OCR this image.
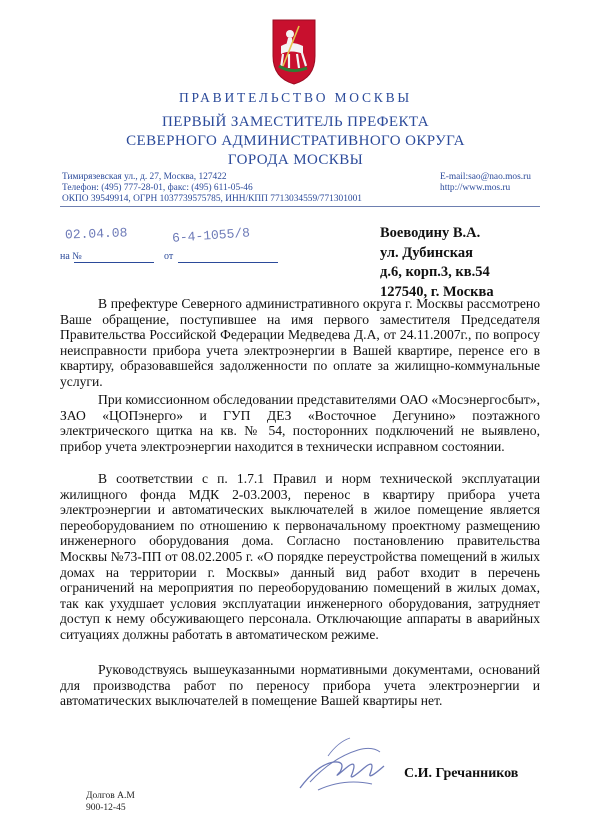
ПРАВИТЕЛЬСТВО МОСКВЫ
ПЕРВЫЙ ЗАМЕСТИТЕЛЬ ПРЕФЕКТА
СЕВЕРНОГО АДМИНИСТРАТИВНОГО ОКРУГА
ГОРОДА МОСКВЫ
Тимирязевская ул., д. 27, Москва, 127422
Телефон: (495) 777-28-01, факс: (495) 611-05-46
ОКПО 39549914, ОГРН 1037739575785, ИНН/КПП 7713034559/771301001
E-mail:sao@nao.mos.ru
http://www.mos.ru
02.04.08	6-4-1055/8
на №	от
Воеводину В.А.
ул. Дубинская
д.6, корп.3, кв.54
127540, г. Москва

В префектуре Северного административного округа г. Москвы рассмотрено Ваше обращение, поступившее на имя первого заместителя Председателя Правительства Российской Федерации Медведева Д.А, от 24.11.2007г., по вопросу неисправности прибора учета электроэнергии в Вашей квартире, перенсе его в квартиру, образовавшейся задолженности по оплате за жилищно-коммунальные услуги.

При комиссионном обследовании представителями ОАО «Мосэнергосбыт», ЗАО «ЦОПэнерго» и ГУП ДЕЗ «Восточное Дегунино» поэтажного электрического щитка на кв. № 54, посторонних подключений не выявлено, прибор учета электроэнергии находится в технически исправном состоянии.

В соответствии с п. 1.7.1 Правил и норм технической эксплуатации жилищного фонда МДК 2-03.2003, перенос в квартиру прибора учета электроэнергии и автоматических выключателей в жилое помещение является переоборудованием по отношению к первоначальному проектному размещению инженерного оборудования дома. Согласно постановлению правительства Москвы №73-ПП от 08.02.2005 г. «О порядке переустройства помещений в жилых домах на территории г. Москвы» данный вид работ входит в перечень ограничений на мероприятия по переоборудованию помещений в жилых домах, так как ухудшает условия эксплуатации инженерного оборудования, затрудняет доступ к нему обсуживающего персонала. Отключающие аппараты в аварийных ситуациях должны работать в автоматическом режиме.

Руководствуясь вышеуказанными нормативными документами, оснований для производства работ по переносу прибора учета электроэнергии и автоматических выключателей в помещение Вашей квартиры нет.

С.И. Гречанников
Долгов А.М
900-12-45
